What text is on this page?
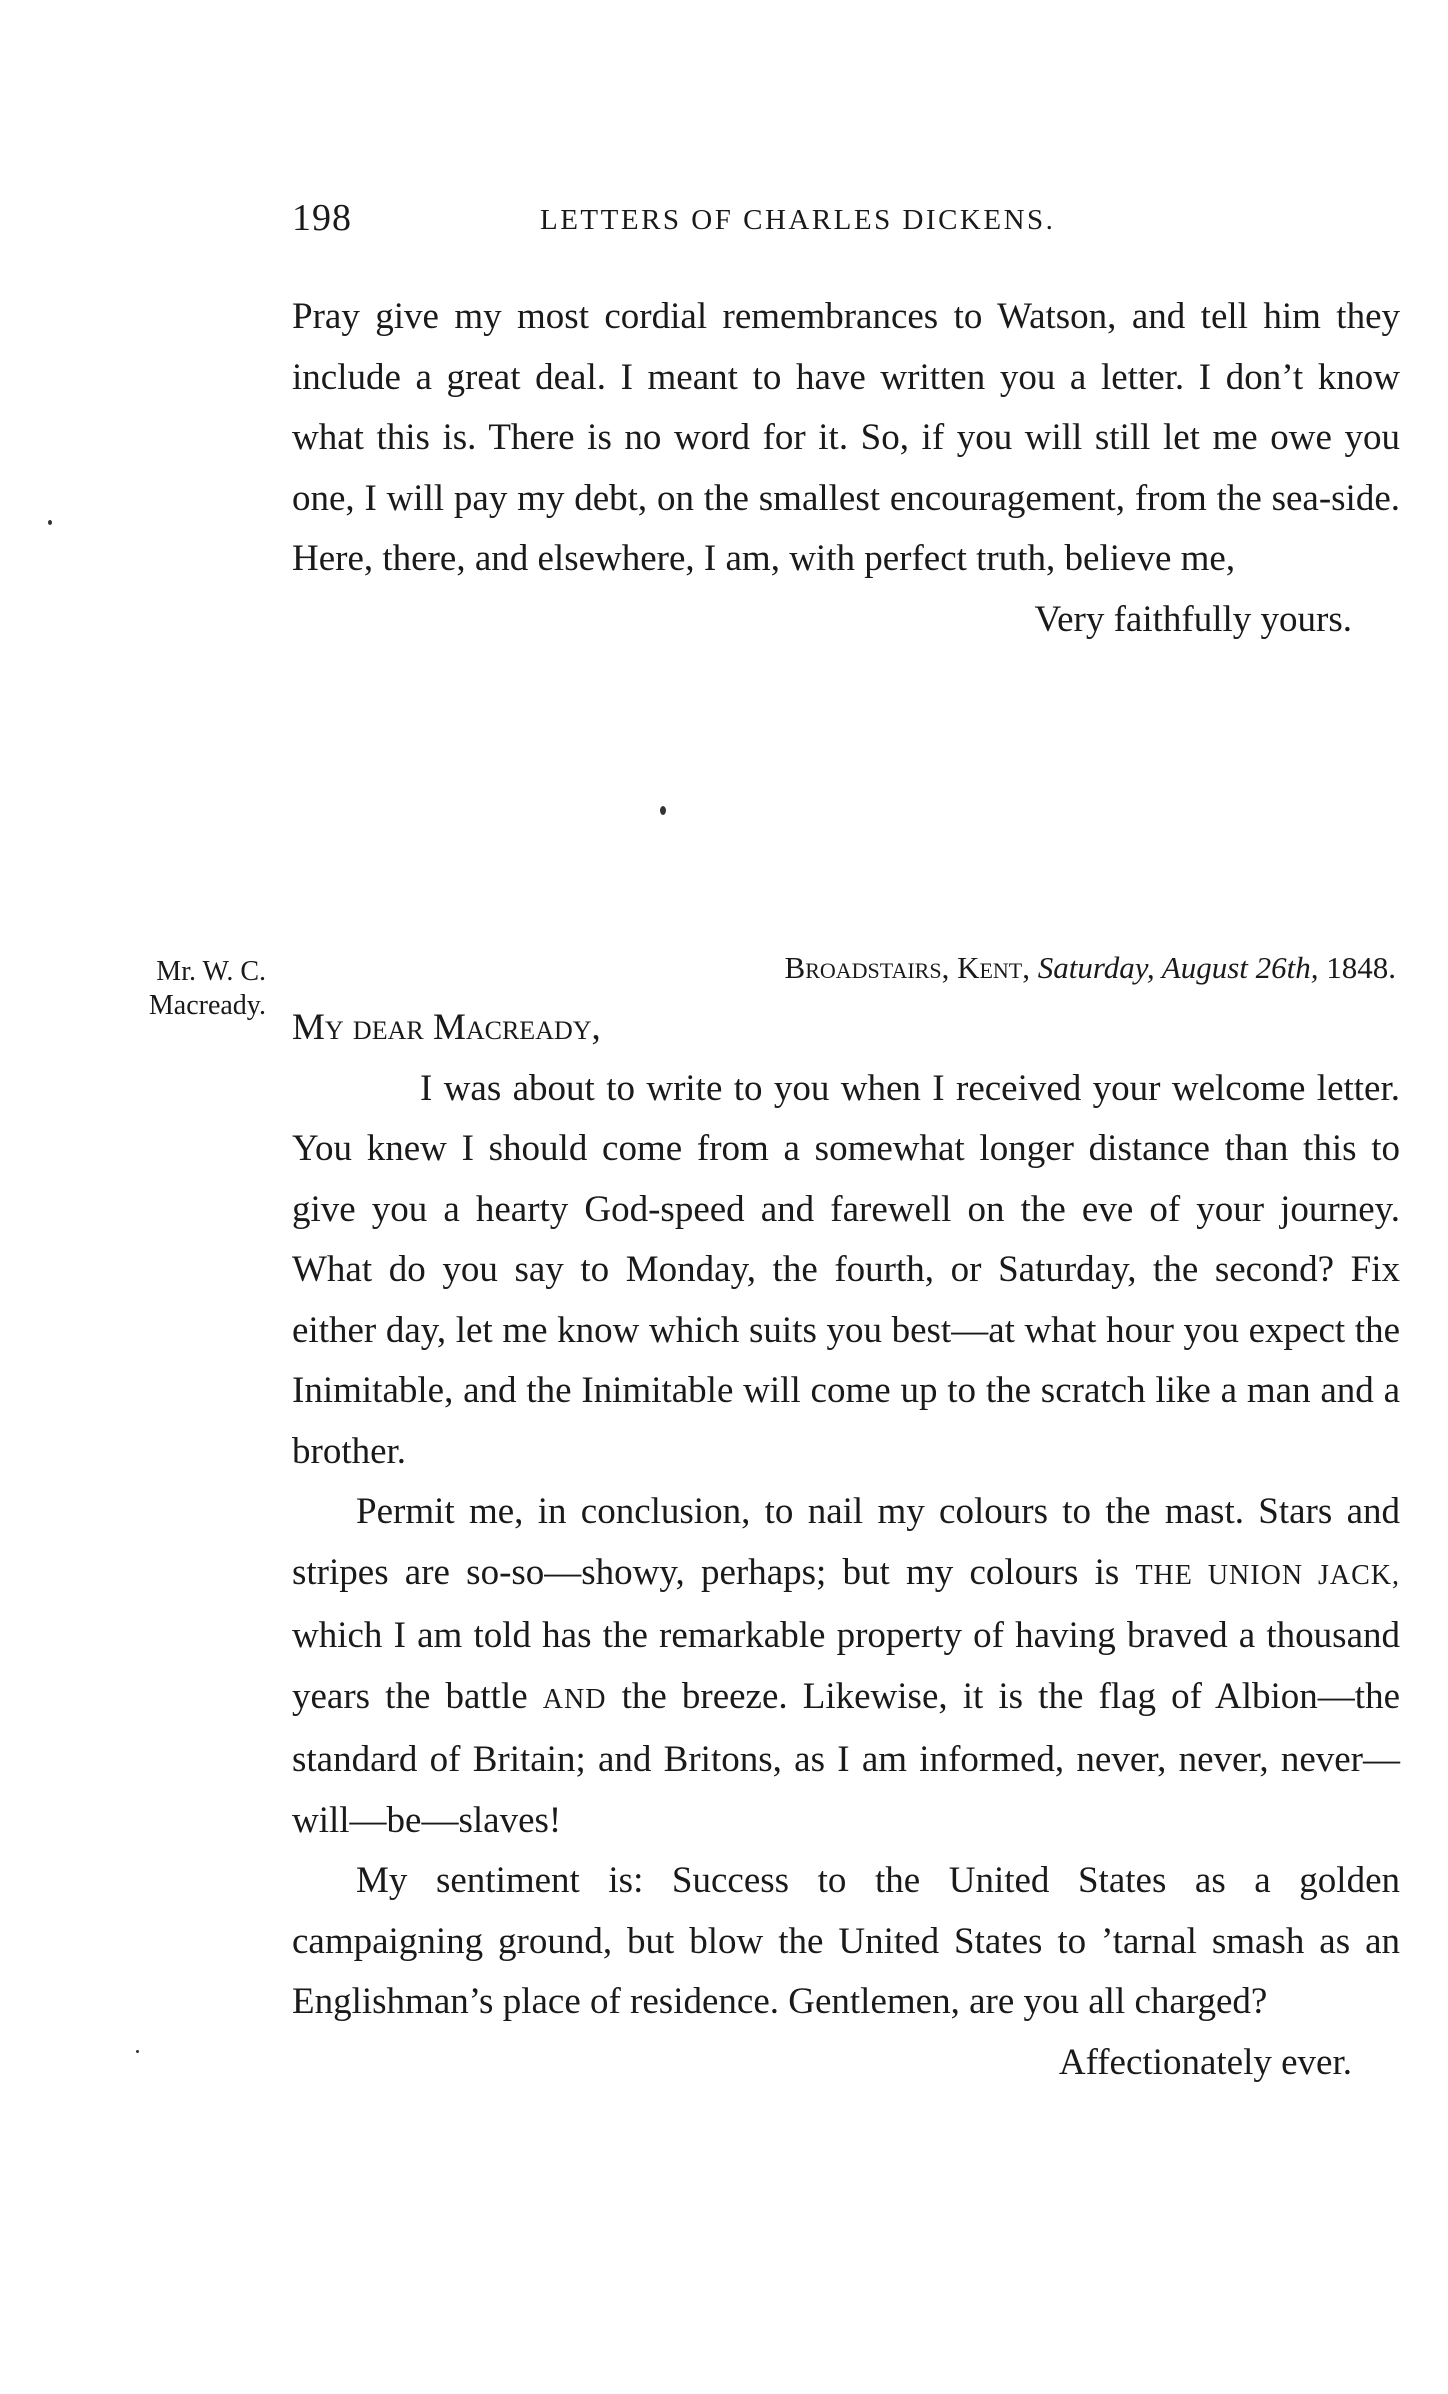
198	LETTERS OF CHARLES DICKENS.

Pray give my most cordial remembrances to Watson, and tell him they include a great deal. I meant to have written you a letter. I don’t know what this is. There is no word for it. So, if you will still let me owe you one, I will pay my debt, on the smallest encouragement, from the sea-side. Here, there, and elsewhere, I am, with perfect truth, believe me,

Very faithfully yours.

Mr. W. C.
Macready.
Broadstairs, Kent, Saturday, August 26th, 1848.

My dear Macready,

I was about to write to you when I received your welcome letter. You knew I should come from a somewhat longer distance than this to give you a hearty God-speed and farewell on the eve of your journey. What do you say to Monday, the fourth, or Saturday, the second? Fix either day, let me know which suits you best—at what hour you expect the Inimitable, and the Inimitable will come up to the scratch like a man and a brother.

Permit me, in conclusion, to nail my colours to the mast. Stars and stripes are so-so—showy, perhaps; but my colours is THE UNION JACK, which I am told has the remarkable property of having braved a thousand years the battle AND the breeze. Likewise, it is the flag of Albion—the standard of Britain; and Britons, as I am informed, never, never, never—will—be—slaves!

My sentiment is: Success to the United States as a golden campaigning ground, but blow the United States to ’tarnal smash as an Englishman’s place of residence. Gentlemen, are you all charged?

Affectionately ever.
